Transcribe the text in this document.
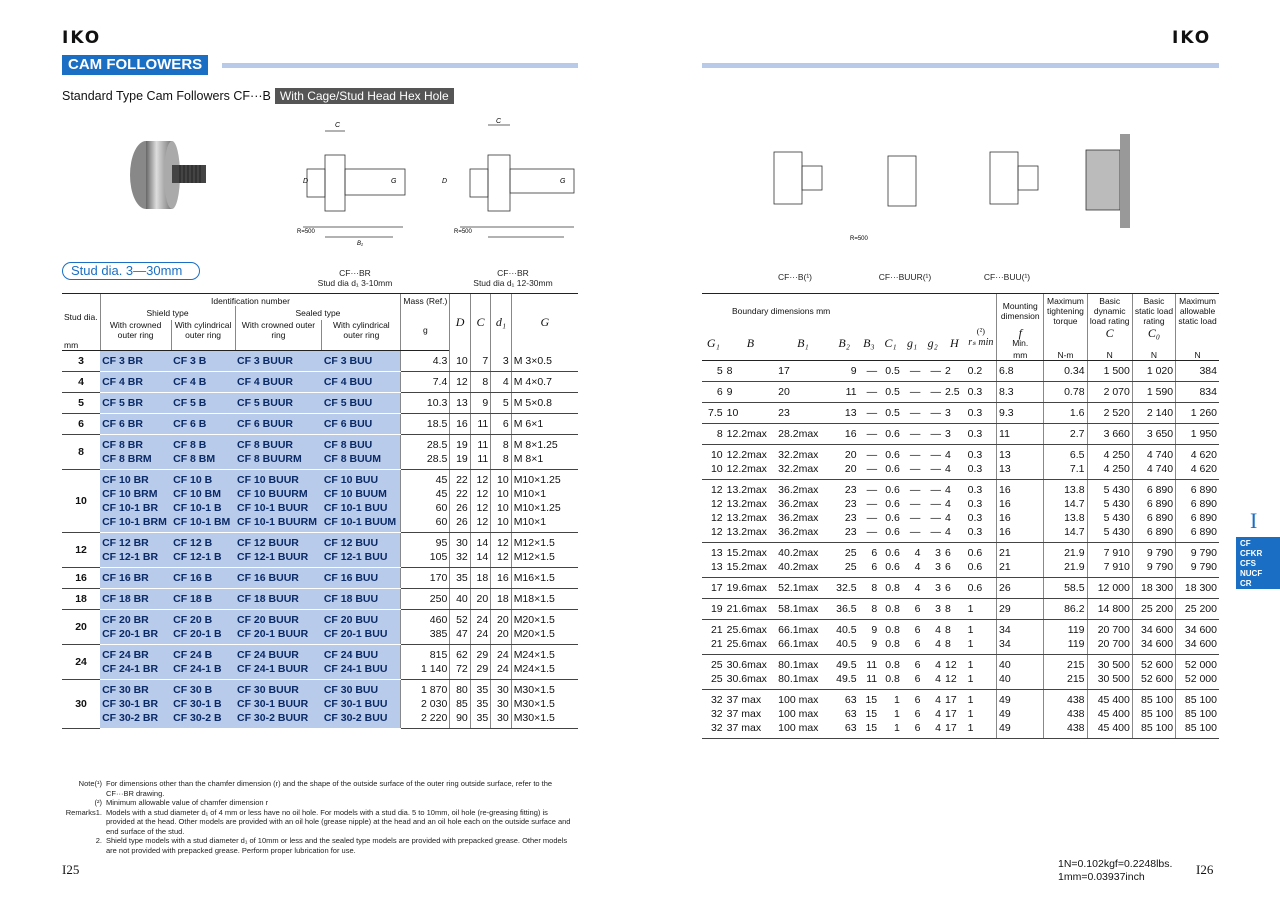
IKO	IKO
CAM FOLLOWERS
Standard Type Cam Followers CF···B With Cage/Stud Head Hex Hole
C
D	G
R=500
B₁
C
D	G
R=500
Stud dia. 3—30mm	CF···BR
Stud dia d₁ 3-10mm
CF···BR
Stud dia d₁ 12-30mm
CF···B(¹)	CF···BUUR(¹)	CF···BUU(¹)
R=500
Stud dia.	Identification number				Mass (Ref.)	D	C	d₁	G
	Shield type		Sealed type						
	With crowned outer ring	With cylindrical outer ring	With crowned outer ring	With cylindrical outer ring	g				
mm									
3	CF 3 BR	CF 3 B	CF 3 BUUR	CF 3 BUU	4.3	10	7	3	M 3×0.5
4	CF 4 BR	CF 4 B	CF 4 BUUR	CF 4 BUU	7.4	12	8	4	M 4×0.7
5	CF 5 BR	CF 5 B	CF 5 BUUR	CF 5 BUU	10.3	13	9	5	M 5×0.8
6	CF 6 BR	CF 6 B	CF 6 BUUR	CF 6 BUU	18.5	16	11	6	M 6×1
8	CF 8 BR	CF 8 B	CF 8 BUUR	CF 8 BUU	28.5	19	11	8	M 8×1.25
	CF 8 BRM	CF 8 BM	CF 8 BUURM	CF 8 BUUM	28.5	19	11	8	M 8×1
10	CF 10 BR	CF 10 B	CF 10 BUUR	CF 10 BUU	45	22	12	10	M10×1.25
	CF 10 BRM	CF 10 BM	CF 10 BUURM	CF 10 BUUM	45	22	12	10	M10×1
	CF 10-1 BR	CF 10-1 B	CF 10-1 BUUR	CF 10-1 BUU	60	26	12	10	M10×1.25
	CF 10-1 BRM	CF 10-1 BM	CF 10-1 BUURM	CF 10-1 BUUM	60	26	12	10	M10×1
12	CF 12 BR	CF 12 B	CF 12 BUUR	CF 12 BUU	95	30	14	12	M12×1.5
	CF 12-1 BR	CF 12-1 B	CF 12-1 BUUR	CF 12-1 BUU	105	32	14	12	M12×1.5
16	CF 16 BR	CF 16 B	CF 16 BUUR	CF 16 BUU	170	35	18	16	M16×1.5
18	CF 18 BR	CF 18 B	CF 18 BUUR	CF 18 BUU	250	40	20	18	M18×1.5
20	CF 20 BR	CF 20 B	CF 20 BUUR	CF 20 BUU	460	52	24	20	M20×1.5
	CF 20-1 BR	CF 20-1 B	CF 20-1 BUUR	CF 20-1 BUU	385	47	24	20	M20×1.5
24	CF 24 BR	CF 24 B	CF 24 BUUR	CF 24 BUU	815	62	29	24	M24×1.5
	CF 24-1 BR	CF 24-1 B	CF 24-1 BUUR	CF 24-1 BUU	1 140	72	29	24	M24×1.5
30	CF 30 BR	CF 30 B	CF 30 BUUR	CF 30 BUU	1 870	80	35	30	M30×1.5
	CF 30-1 BR	CF 30-1 B	CF 30-1 BUUR	CF 30-1 BUU	2 030	85	35	30	M30×1.5
	CF 30-2 BR	CF 30-2 B	CF 30-2 BUUR	CF 30-2 BUU	2 220	90	35	30	M30×1.5
Boundary dimensions mm										Mounting dimension	Maximum tightening torque	Basic dynamic load rating	Basic static load rating	Maximum allowable static load
G₁	B	B₁	B₂	B₃	C₁	g₁	g₂	H	(²)
rₛ min	f
Min.		C	C₀	
										mm	N-m	N	N	N
5	8	17	9	—	0.5	—	—	2	0.2	6.8	0.34	1 500	1 020	384
6	9	20	11	—	0.5	—	—	2.5	0.3	8.3	0.78	2 070	1 590	834
7.5	10	23	13	—	0.5	—	—	3	0.3	9.3	1.6	2 520	2 140	1 260
8	12.2max	28.2max	16	—	0.6	—	—	3	0.3	11	2.7	3 660	3 650	1 950
10	12.2max	32.2max	20	—	0.6	—	—	4	0.3	13	6.5	4 250	4 740	4 620
10	12.2max	32.2max	20	—	0.6	—	—	4	0.3	13	7.1	4 250	4 740	4 620
12	13.2max	36.2max	23	—	0.6	—	—	4	0.3	16	13.8	5 430	6 890	6 890
12	13.2max	36.2max	23	—	0.6	—	—	4	0.3	16	14.7	5 430	6 890	6 890
12	13.2max	36.2max	23	—	0.6	—	—	4	0.3	16	13.8	5 430	6 890	6 890
12	13.2max	36.2max	23	—	0.6	—	—	4	0.3	16	14.7	5 430	6 890	6 890
13	15.2max	40.2max	25	6	0.6	4	3	6	0.6	21	21.9	7 910	9 790	9 790
13	15.2max	40.2max	25	6	0.6	4	3	6	0.6	21	21.9	7 910	9 790	9 790
17	19.6max	52.1max	32.5	8	0.8	4	3	6	0.6	26	58.5	12 000	18 300	18 300
19	21.6max	58.1max	36.5	8	0.8	6	3	8	1	29	86.2	14 800	25 200	25 200
21	25.6max	66.1max	40.5	9	0.8	6	4	8	1	34	119	20 700	34 600	34 600
21	25.6max	66.1max	40.5	9	0.8	6	4	8	1	34	119	20 700	34 600	34 600
25	30.6max	80.1max	49.5	11	0.8	6	4	12	1	40	215	30 500	52 600	52 000
25	30.6max	80.1max	49.5	11	0.8	6	4	12	1	40	215	30 500	52 600	52 000
32	37 max	100 max	63	15	1	6	4	17	1	49	438	45 400	85 100	85 100
32	37 max	100 max	63	15	1	6	4	17	1	49	438	45 400	85 100	85 100
32	37 max	100 max	63	15	1	6	4	17	1	49	438	45 400	85 100	85 100
I
CF
CFKR
CFS
NUCF
CR
Note(¹) For dimensions other than the chamfer dimension (r) and the shape of the outside surface of the outer ring outside surface, refer to the CF···BR drawing.
(²) Minimum allowable value of chamfer dimension r
Remarks1. Models with a stud diameter d₁ of 4 mm or less have no oil hole. For models with a stud dia. 5 to 10mm, oil hole (re-greasing fitting) is provided at the head. Other models are provided with an oil hole (grease nipple) at the head and an oil hole each on the outside surface and end surface of the stud.
2. Shield type models with a stud diameter d₁ of 10mm or less and the sealed type models are provided with prepacked grease. Other models are not provided with prepacked grease. Perform proper lubrication for use.
I25	I26
1N=0.102kgf=0.2248lbs.
1mm=0.03937inch
